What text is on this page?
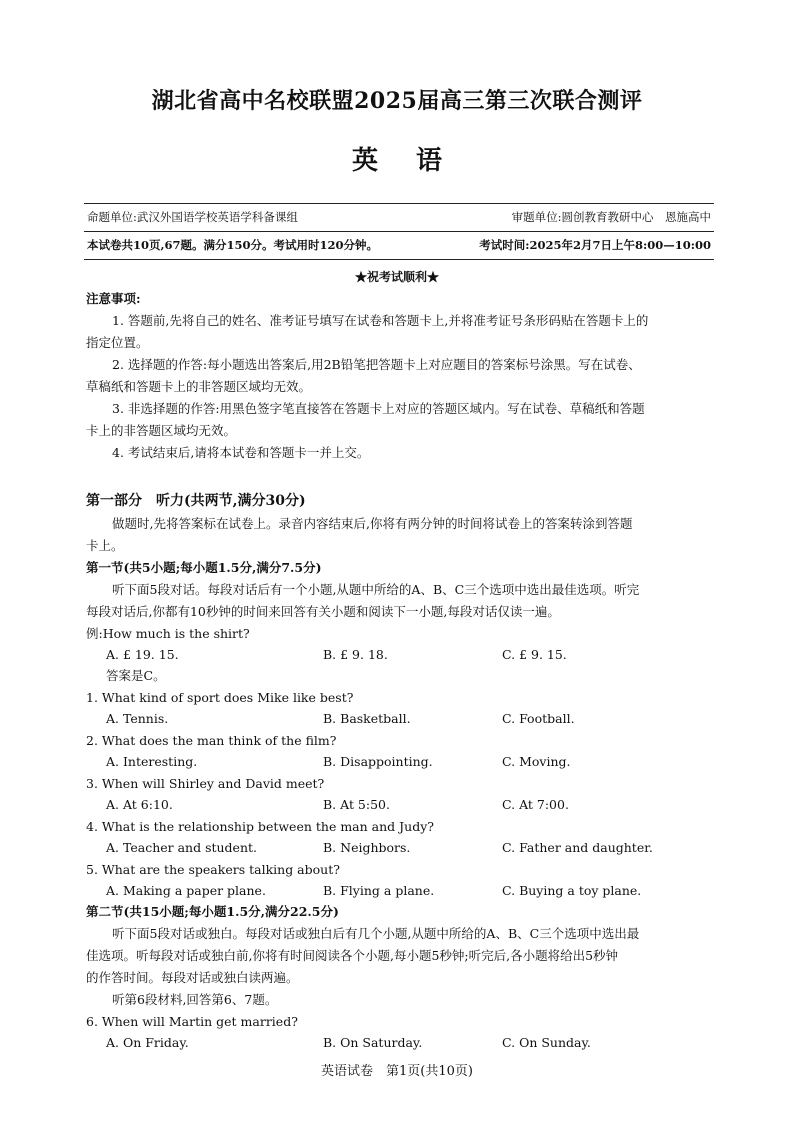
湖北省高中名校联盟2025届高三第三次联合测评
英语
命题单位:武汉外国语学校英语学科备课组	审题单位:圆创教育教研中心　恩施高中
本试卷共10页,67题。满分150分。考试用时120分钟。	考试时间:2025年2月7日上午8:00—10:00
★祝考试顺利★
注意事项:
1. 答题前,先将自己的姓名、准考证号填写在试卷和答题卡上,并将准考证号条形码贴在答题卡上的
指定位置。
2. 选择题的作答:每小题选出答案后,用2B铅笔把答题卡上对应题目的答案标号涂黑。写在试卷、
草稿纸和答题卡上的非答题区域均无效。
3. 非选择题的作答:用黑色签字笔直接答在答题卡上对应的答题区域内。写在试卷、草稿纸和答题
卡上的非答题区域均无效。
4. 考试结束后,请将本试卷和答题卡一并上交。
第一部分　听力(共两节,满分30分)
做题时,先将答案标在试卷上。录音内容结束后,你将有两分钟的时间将试卷上的答案转涂到答题
卡上。
第一节(共5小题;每小题1.5分,满分7.5分)
听下面5段对话。每段对话后有一个小题,从题中所给的A、B、C三个选项中选出最佳选项。听完
每段对话后,你都有10秒钟的时间来回答有关小题和阅读下一小题,每段对话仅读一遍。
例:How much is the shirt?
A. £ 19. 15.	B. £ 9. 18.	C. £ 9. 15.
答案是C。
1. What kind of sport does Mike like best?
A. Tennis.	B. Basketball.	C. Football.
2. What does the man think of the film?
A. Interesting.	B. Disappointing.	C. Moving.
3. When will Shirley and David meet?
A. At 6:10.	B. At 5:50.	C. At 7:00.
4. What is the relationship between the man and Judy?
A. Teacher and student.	B. Neighbors.	C. Father and daughter.
5. What are the speakers talking about?
A. Making a paper plane.	B. Flying a plane.	C. Buying a toy plane.
第二节(共15小题;每小题1.5分,满分22.5分)
听下面5段对话或独白。每段对话或独白后有几个小题,从题中所给的A、B、C三个选项中选出最
佳选项。听每段对话或独白前,你将有时间阅读各个小题,每小题5秒钟;听完后,各小题将给出5秒钟
的作答时间。每段对话或独白读两遍。
听第6段材料,回答第6、7题。
6. When will Martin get married?
A. On Friday.	B. On Saturday.	C. On Sunday.
英语试卷　第1页(共10页)
